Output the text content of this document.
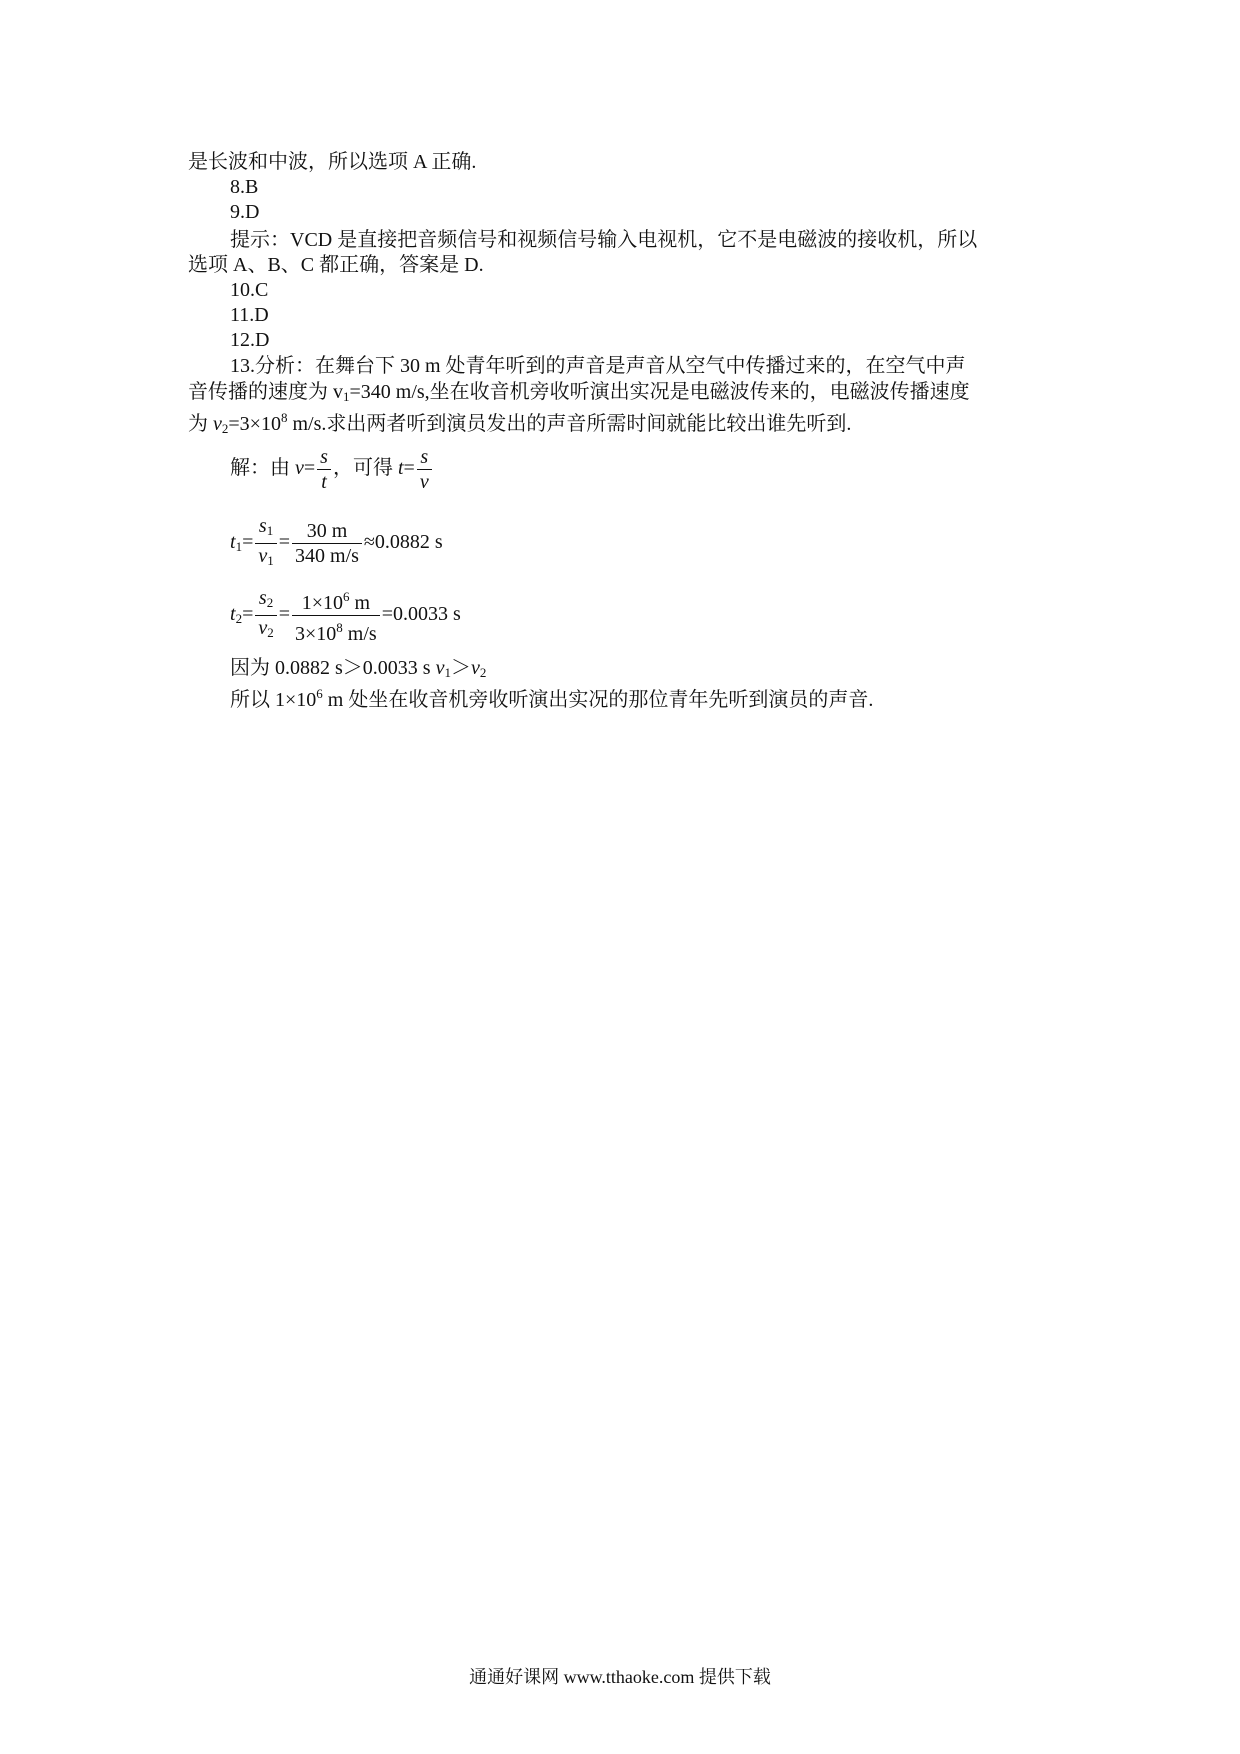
是长波和中波，所以选项 A 正确.
8.B
9.D
提示：VCD 是直接把音频信号和视频信号输入电视机，它不是电磁波的接收机，所以
选项 A、B、C 都正确，答案是 D.
10.C
11.D
12.D
13.分析：在舞台下 30 m 处青年听到的声音是声音从空气中传播过来的，在空气中声
音传播的速度为 $v_1=340$ m/s,坐在收音机旁收听演出实况是电磁波传来的，电磁波传播速度
为 $v_2=3\times 10^8$ m/s.求出两者听到演员发出的声音所需时间就能比较出谁先听到.
解：由 $v= \frac{s}{t}$ ，可得 $t= \frac{s}{v}$
$t_1= \frac{s_1}{v_1} = \frac{30 m}{340 m/s} \approx 0.0882$ s
$t_2= \frac{s_2}{v_2} = \frac{1\times 10^6 m}{3\times 10^8 m/s} =0.0033$ s
因为 0.0882 s＞0.0033 s $v_1>v_2$
所以 $1\times 10^6$ m 处坐在收音机旁收听演出实况的那位青年先听到演员的声音.
通通好课网 www.tthaoke.com 提供下载
